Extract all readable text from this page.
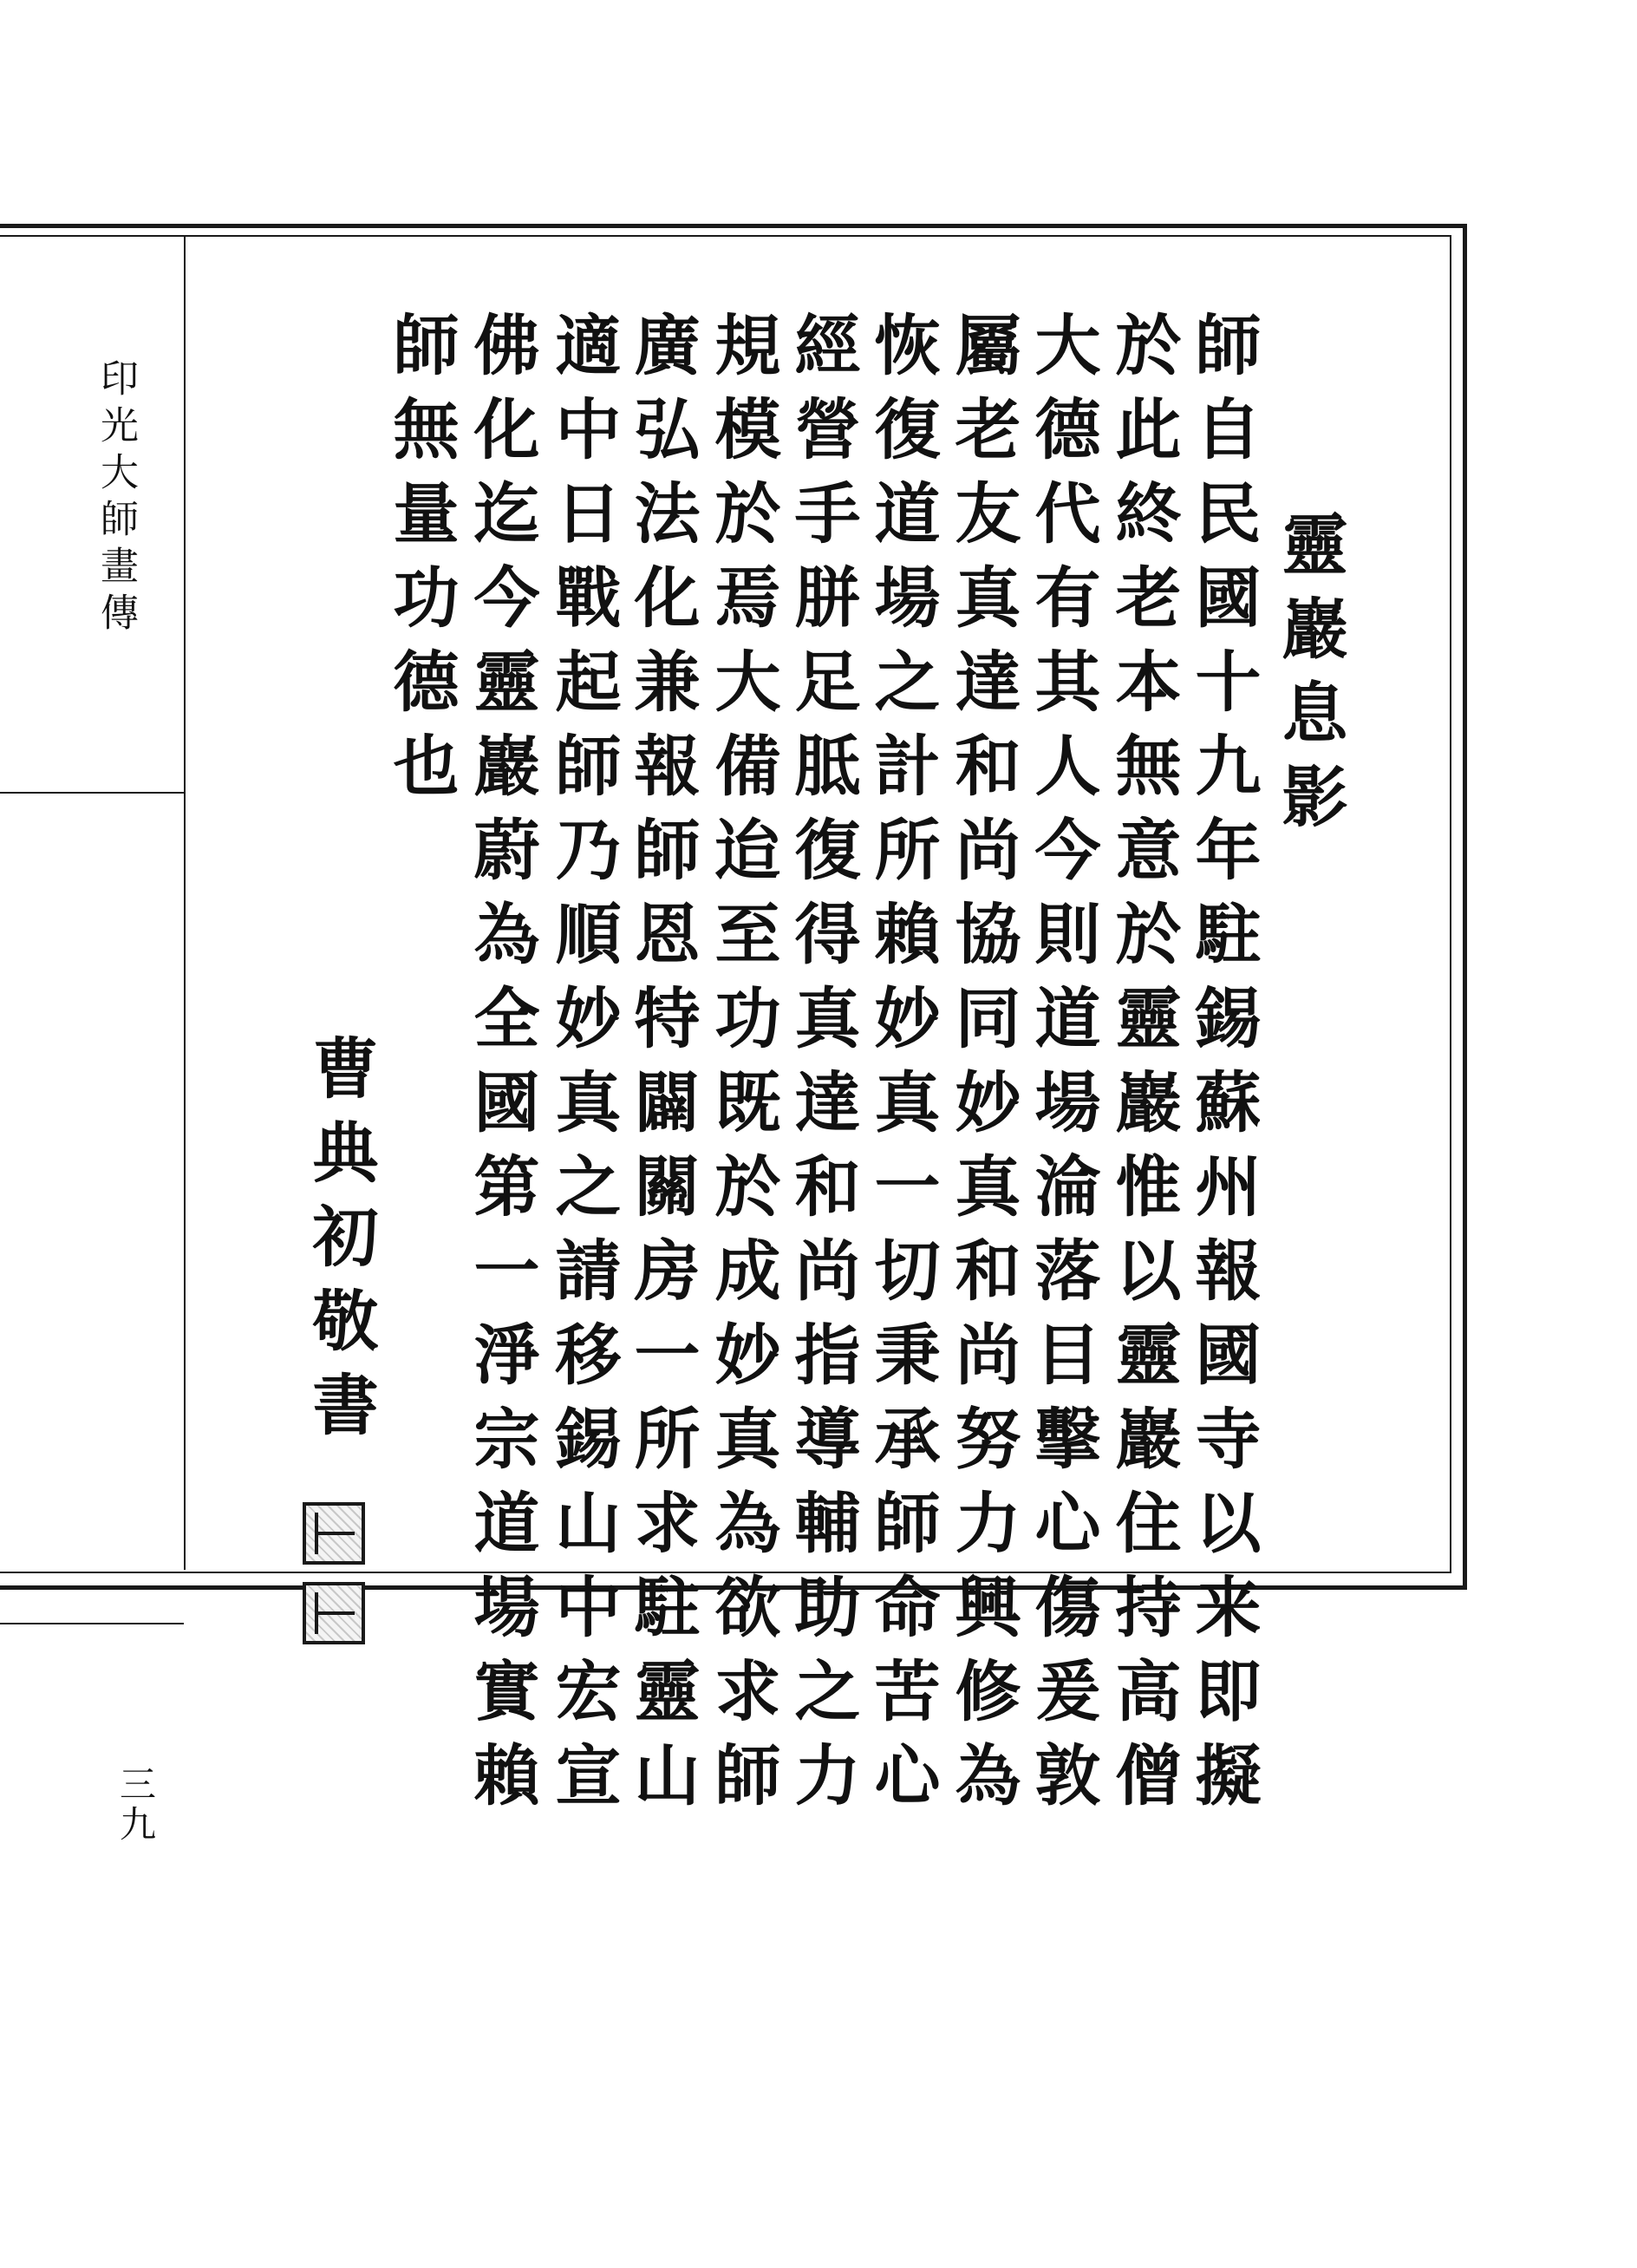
印光大師畫傳
三九
靈巖息影
師自民國十九年駐錫蘇州報國寺以来即擬
於此終老本無意於靈巖惟以靈巖住持高僧
大德代有其人今則道場淪落目擊心傷爰敦
屬老友真達和尚協同妙真和尚努力興修為
恢復道場之計所賴妙真一切秉承師命苦心
經營手胼足胝復得真達和尚指導輔助之力
規模於焉大備迨至功既於成妙真為欲求師
廣弘法化兼報師恩特闢關房一所求駐靈山
適中日戰起師乃順妙真之請移錫山中宏宣
佛化迄今靈巖蔚為全國第一淨宗道場實賴
師無量功德也
曹典初敬書
